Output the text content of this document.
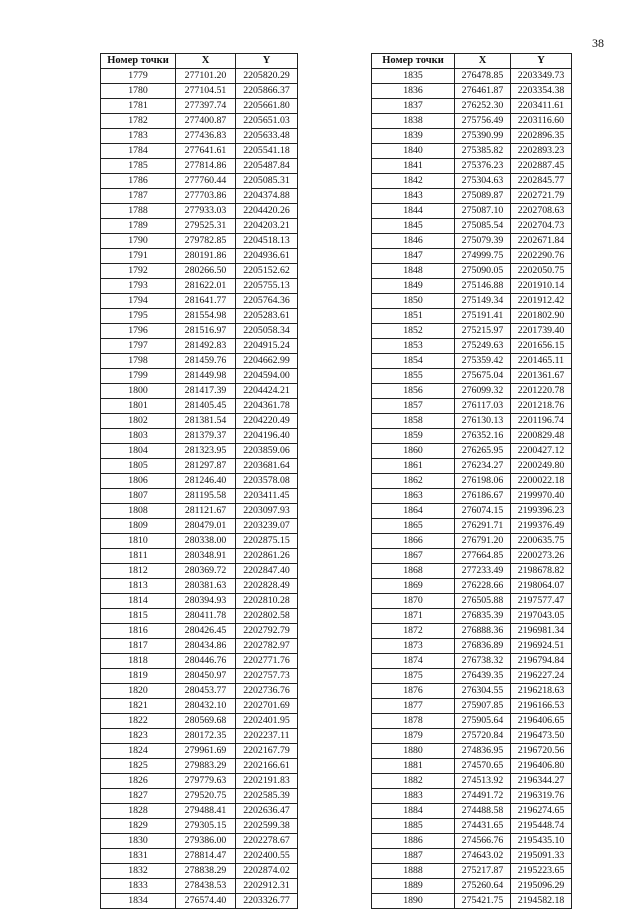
38
Номер точки	X	Y
1779	277101.20	2205820.29
1780	277104.51	2205866.37
1781	277397.74	2205661.80
1782	277400.87	2205651.03
1783	277436.83	2205633.48
1784	277641.61	2205541.18
1785	277814.86	2205487.84
1786	277760.44	2205085.31
1787	277703.86	2204374.88
1788	277933.03	2204420.26
1789	279525.31	2204203.21
1790	279782.85	2204518.13
1791	280191.86	2204936.61
1792	280266.50	2205152.62
1793	281622.01	2205755.13
1794	281641.77	2205764.36
1795	281554.98	2205283.61
1796	281516.97	2205058.34
1797	281492.83	2204915.24
1798	281459.76	2204662.99
1799	281449.98	2204594.00
1800	281417.39	2204424.21
1801	281405.45	2204361.78
1802	281381.54	2204220.49
1803	281379.37	2204196.40
1804	281323.95	2203859.06
1805	281297.87	2203681.64
1806	281246.40	2203578.08
1807	281195.58	2203411.45
1808	281121.67	2203097.93
1809	280479.01	2203239.07
1810	280338.00	2202875.15
1811	280348.91	2202861.26
1812	280369.72	2202847.40
1813	280381.63	2202828.49
1814	280394.93	2202810.28
1815	280411.78	2202802.58
1816	280426.45	2202792.79
1817	280434.86	2202782.97
1818	280446.76	2202771.76
1819	280450.97	2202757.73
1820	280453.77	2202736.76
1821	280432.10	2202701.69
1822	280569.68	2202401.95
1823	280172.35	2202237.11
1824	279961.69	2202167.79
1825	279883.29	2202166.61
1826	279779.63	2202191.83
1827	279520.75	2202585.39
1828	279488.41	2202636.47
1829	279305.15	2202599.38
1830	279386.00	2202278.67
1831	278814.47	2202400.55
1832	278838.29	2202874.02
1833	278438.53	2202912.31
1834	276574.40	2203326.77
Номер точки	X	Y
1835	276478.85	2203349.73
1836	276461.87	2203354.38
1837	276252.30	2203411.61
1838	275756.49	2203116.60
1839	275390.99	2202896.35
1840	275385.82	2202893.23
1841	275376.23	2202887.45
1842	275304.63	2202845.77
1843	275089.87	2202721.79
1844	275087.10	2202708.63
1845	275085.54	2202704.73
1846	275079.39	2202671.84
1847	274999.75	2202290.76
1848	275090.05	2202050.75
1849	275146.88	2201910.14
1850	275149.34	2201912.42
1851	275191.41	2201802.90
1852	275215.97	2201739.40
1853	275249.63	2201656.15
1854	275359.42	2201465.11
1855	275675.04	2201361.67
1856	276099.32	2201220.78
1857	276117.03	2201218.76
1858	276130.13	2201196.74
1859	276352.16	2200829.48
1860	276265.95	2200427.12
1861	276234.27	2200249.80
1862	276198.06	2200022.18
1863	276186.67	2199970.40
1864	276074.15	2199396.23
1865	276291.71	2199376.49
1866	276791.20	2200635.75
1867	277664.85	2200273.26
1868	277233.49	2198678.82
1869	276228.66	2198064.07
1870	276505.88	2197577.47
1871	276835.39	2197043.05
1872	276888.36	2196981.34
1873	276836.89	2196924.51
1874	276738.32	2196794.84
1875	276439.35	2196227.24
1876	276304.55	2196218.63
1877	275907.85	2196166.53
1878	275905.64	2196406.65
1879	275720.84	2196473.50
1880	274836.95	2196720.56
1881	274570.65	2196406.80
1882	274513.92	2196344.27
1883	274491.72	2196319.76
1884	274488.58	2196274.65
1885	274431.65	2195448.74
1886	274566.76	2195435.10
1887	274643.02	2195091.33
1888	275217.87	2195223.65
1889	275260.64	2195096.29
1890	275421.75	2194582.18
